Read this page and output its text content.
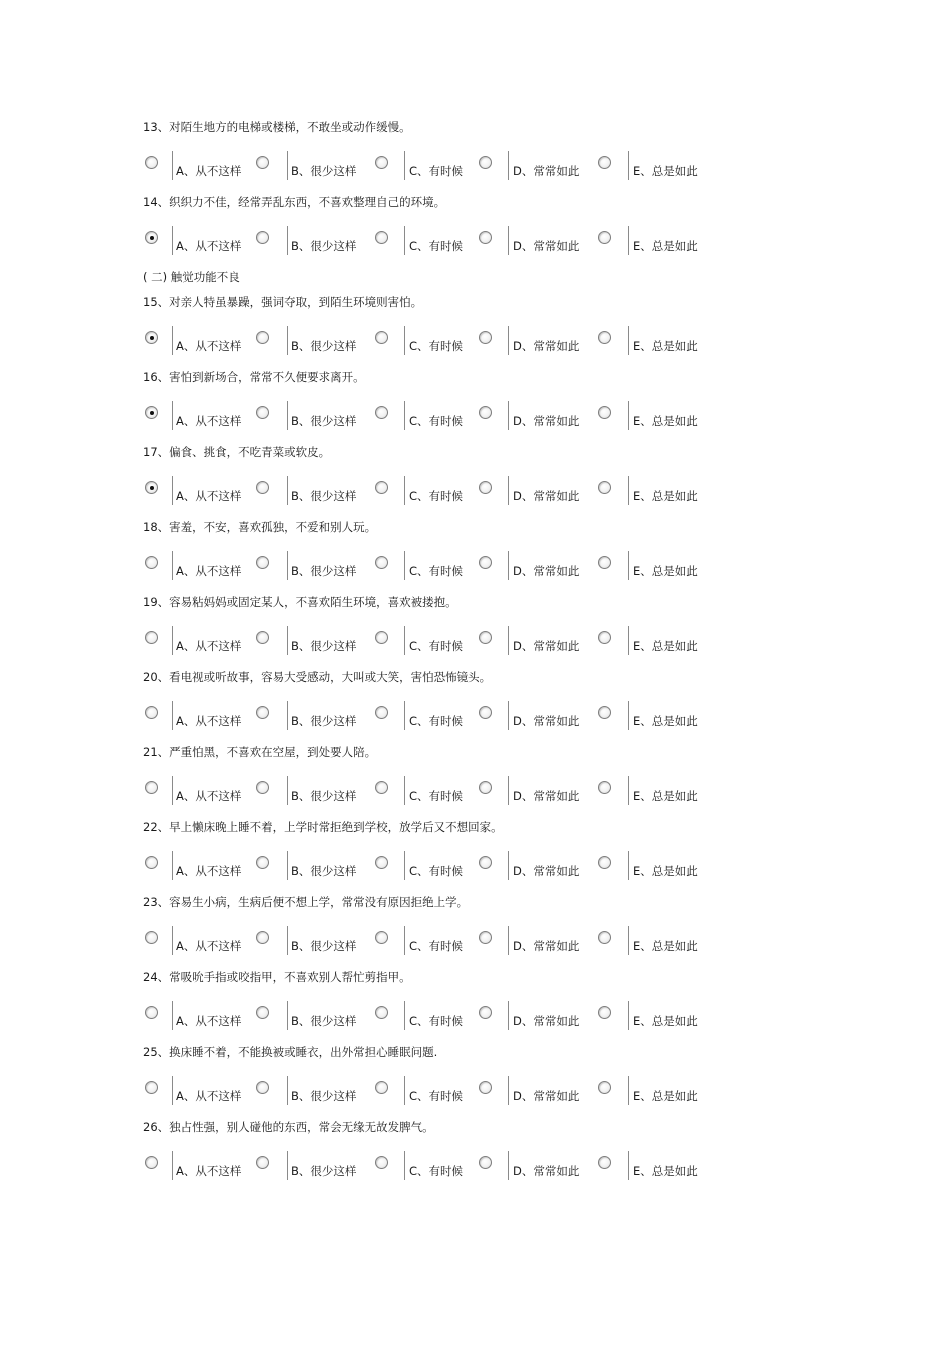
13、对陌生地方的电梯或楼梯，不敢坐或动作缓慢。
A、从不这样	B、很少这样	C、有时候	D、常常如此	E、总是如此
14、织织力不佳，经常弄乱东西，不喜欢整理自己的环境。
A、从不这样	B、很少这样	C、有时候	D、常常如此	E、总是如此
( 二) 触觉功能不良
15、对亲人特虽暴躁，强词夺取，到陌生环境则害怕。
A、从不这样	B、很少这样	C、有时候	D、常常如此	E、总是如此
16、害怕到新场合，常常不久便要求离开。
A、从不这样	B、很少这样	C、有时候	D、常常如此	E、总是如此
17、偏食、挑食，不吃青菜或软皮。
A、从不这样	B、很少这样	C、有时候	D、常常如此	E、总是如此
18、害羞，不安，喜欢孤独，不爱和别人玩。
A、从不这样	B、很少这样	C、有时候	D、常常如此	E、总是如此
19、容易粘妈妈或固定某人，不喜欢陌生环境，喜欢被搂抱。
A、从不这样	B、很少这样	C、有时候	D、常常如此	E、总是如此
20、看电视或听故事，容易大受感动，大叫或大笑，害怕恐怖镜头。
A、从不这样	B、很少这样	C、有时候	D、常常如此	E、总是如此
21、严重怕黑，不喜欢在空屋，到处要人陪。
A、从不这样	B、很少这样	C、有时候	D、常常如此	E、总是如此
22、早上懒床晚上睡不着，上学时常拒绝到学校，放学后又不想回家。
A、从不这样	B、很少这样	C、有时候	D、常常如此	E、总是如此
23、容易生小病，生病后便不想上学，常常没有原因拒绝上学。
A、从不这样	B、很少这样	C、有时候	D、常常如此	E、总是如此
24、常吸吮手指或咬指甲，不喜欢别人帮忙剪指甲。
A、从不这样	B、很少这样	C、有时候	D、常常如此	E、总是如此
25、换床睡不着，不能换被或睡衣，出外常担心睡眠问题.
A、从不这样	B、很少这样	C、有时候	D、常常如此	E、总是如此
26、独占性强，别人碰他的东西，常会无缘无故发脾气。
A、从不这样	B、很少这样	C、有时候	D、常常如此	E、总是如此
